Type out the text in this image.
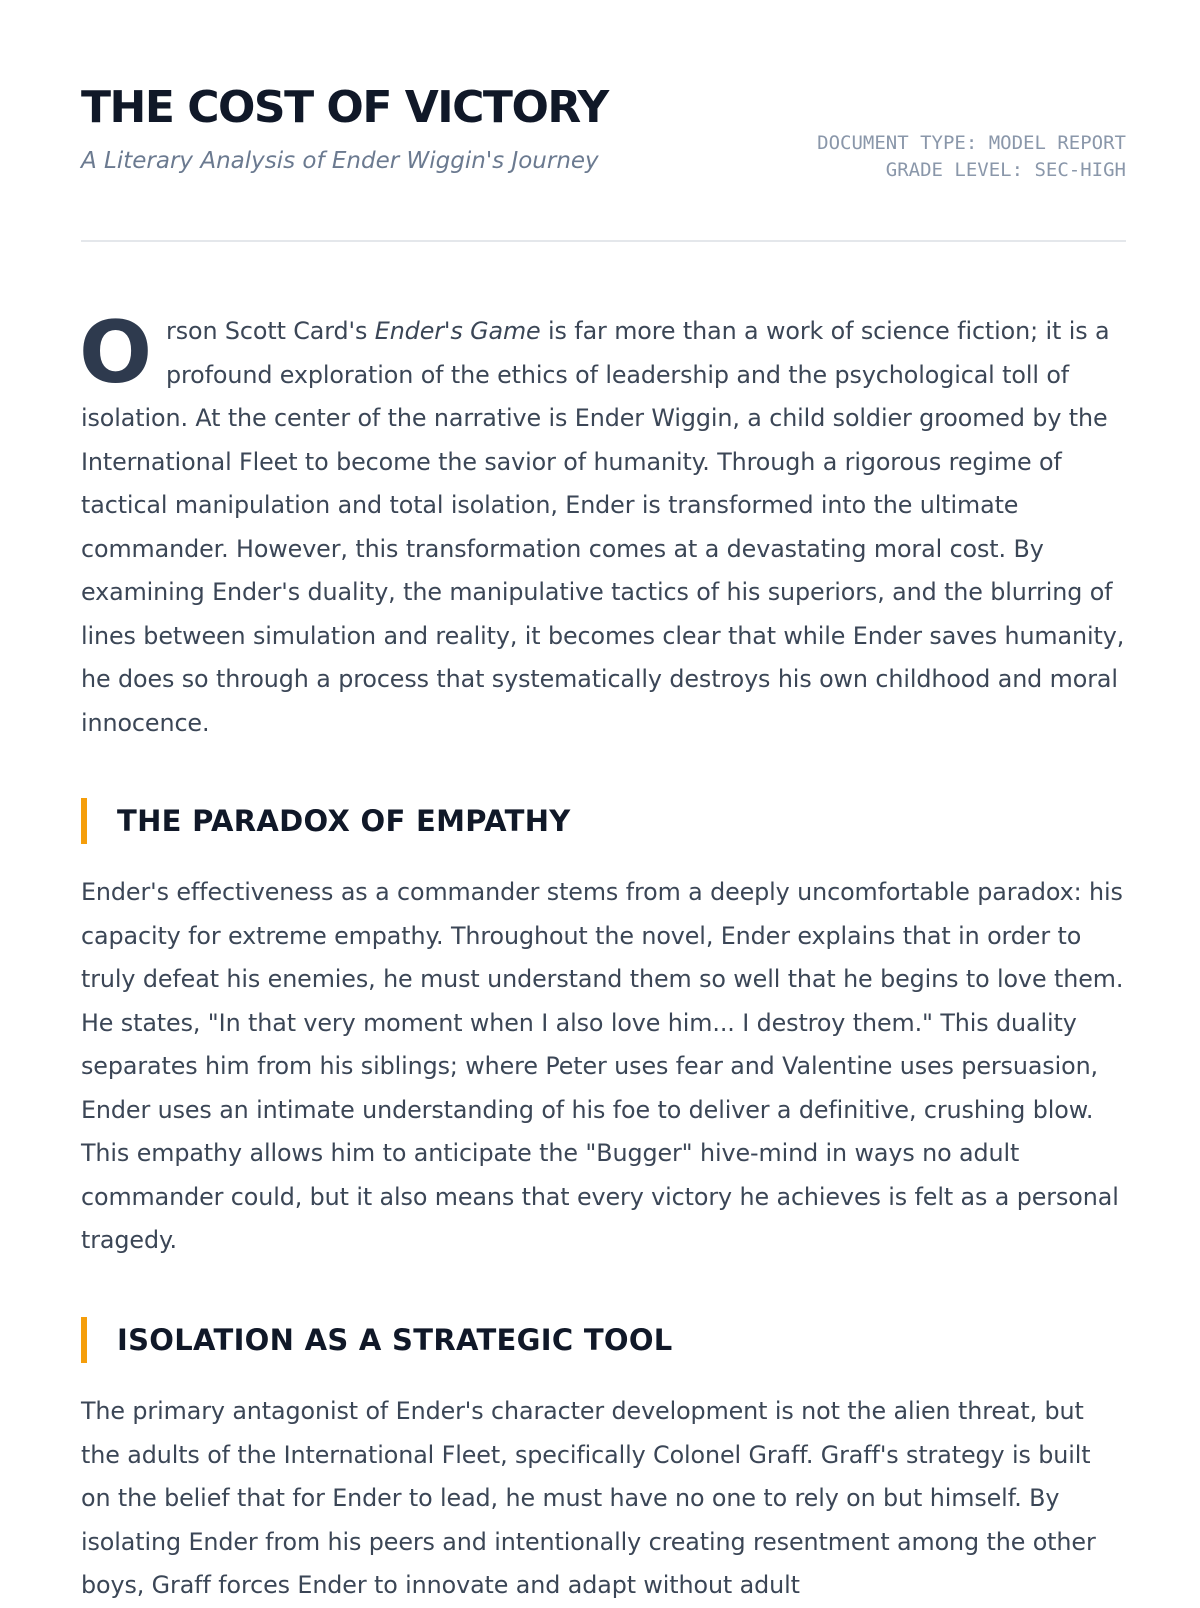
THE COST OF VICTORY

A Literary Analysis of Ender Wiggin's Journey

DOCUMENT TYPE: MODEL REPORT
GRADE LEVEL: SEC-HIGH

Orson Scott Card's Ender's Game is far more than a work of science fiction; it is a profound exploration of the ethics of leadership and the psychological toll of isolation. At the center of the narrative is Ender Wiggin, a child soldier groomed by the International Fleet to become the savior of humanity. Through a rigorous regime of tactical manipulation and total isolation, Ender is transformed into the ultimate commander. However, this transformation comes at a devastating moral cost. By examining Ender's duality, the manipulative tactics of his superiors, and the blurring of lines between simulation and reality, it becomes clear that while Ender saves humanity, he does so through a process that systematically destroys his own childhood and moral innocence.

THE PARADOX OF EMPATHY

Ender's effectiveness as a commander stems from a deeply uncomfortable paradox: his capacity for extreme empathy. Throughout the novel, Ender explains that in order to truly defeat his enemies, he must understand them so well that he begins to love them. He states, "In that very moment when I also love him... I destroy them." This duality separates him from his siblings; where Peter uses fear and Valentine uses persuasion, Ender uses an intimate understanding of his foe to deliver a definitive, crushing blow. This empathy allows him to anticipate the "Bugger" hive-mind in ways no adult commander could, but it also means that every victory he achieves is felt as a personal tragedy.

ISOLATION AS A STRATEGIC TOOL

The primary antagonist of Ender's character development is not the alien threat, but the adults of the International Fleet, specifically Colonel Graff. Graff's strategy is built on the belief that for Ender to lead, he must have no one to rely on but himself. By isolating Ender from his peers and intentionally creating resentment among the other boys, Graff forces Ender to innovate and adapt without adult
